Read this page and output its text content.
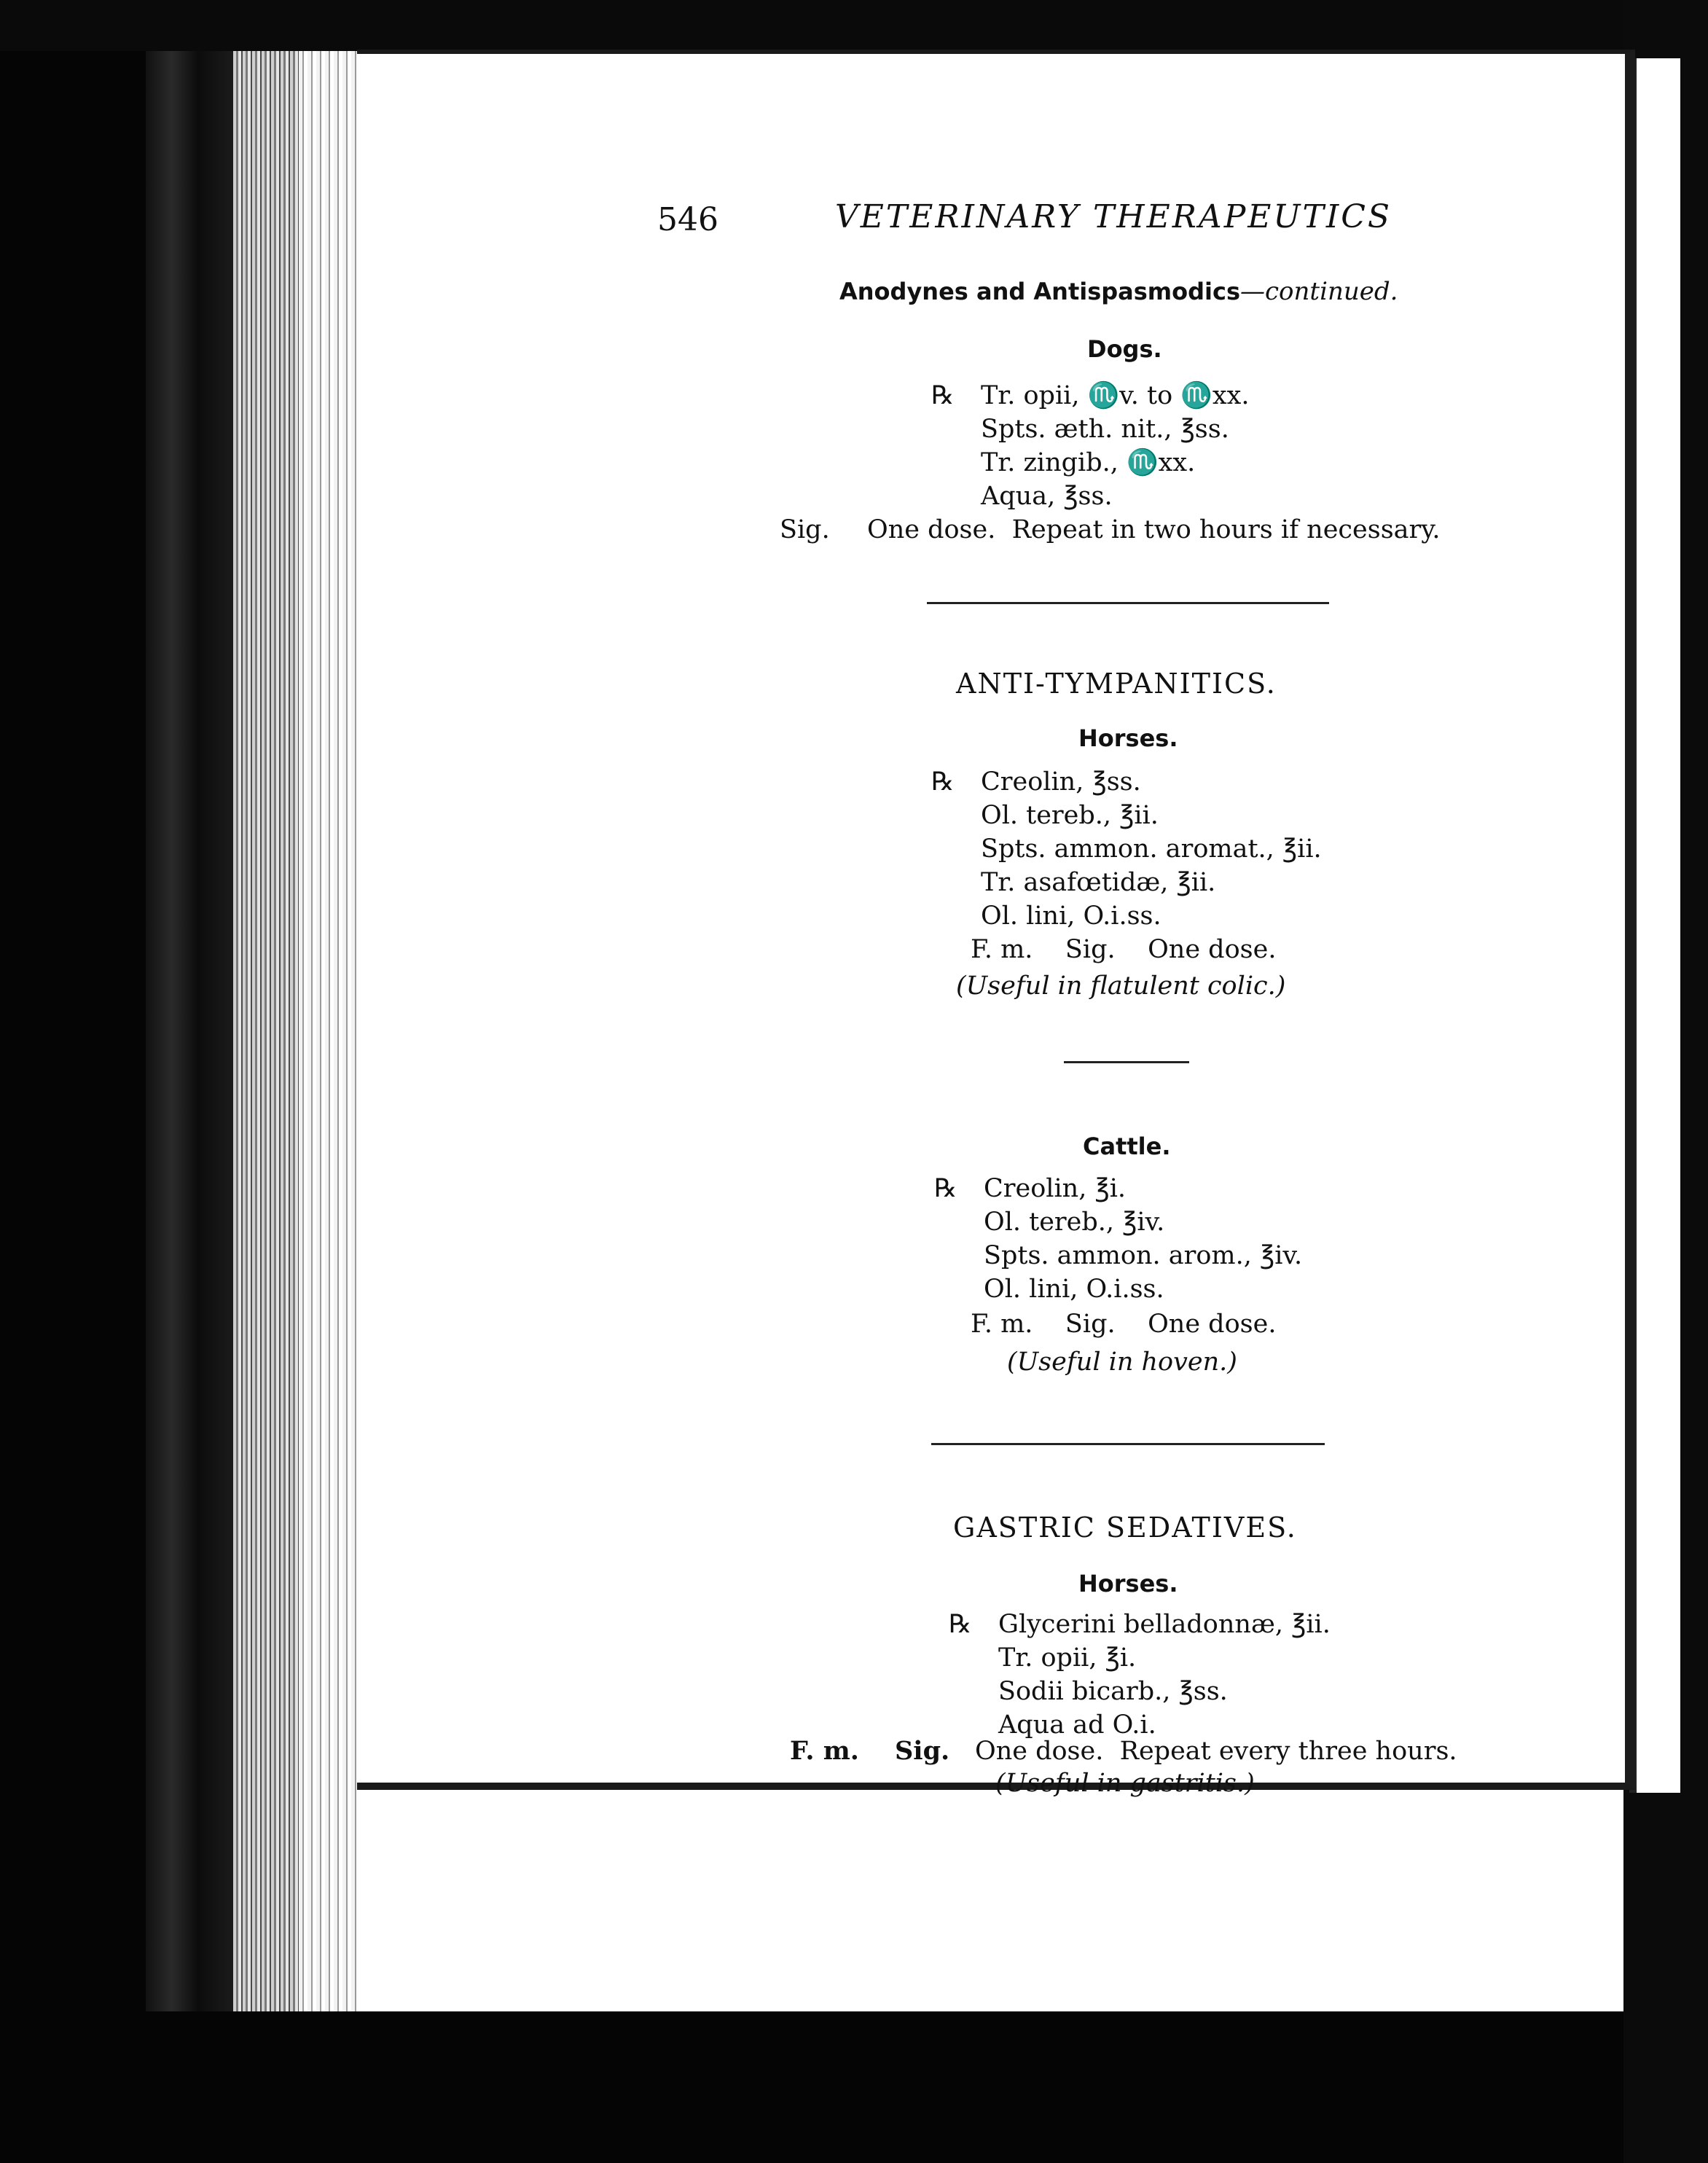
546	VETERINARY THERAPEUTICS
Anodynes and Antispasmodics—continued.
Dogs.
℞ Tr. opii, ♏v. to ♏xx.
Spts. æth. nit., ℥ss.
Tr. zingib., ♏xx.
Aqua, ℥ss.
Sig. One dose.  Repeat in two hours if necessary.
ANTI-TYMPANITICS.
Horses.
℞ Creolin, ℥ss.
Ol. tereb., ℥ii.
Spts. ammon. aromat., ℥ii.
Tr. asafœtidæ, ℥ii.
Ol. lini, O.i.ss.
F. m.    Sig.    One dose.
(Useful in flatulent colic.)
Cattle.
℞ Creolin, ℥i.
Ol. tereb., ℥iv.
Spts. ammon. arom., ℥iv.
Ol. lini, O.i.ss.
F. m.    Sig.    One dose.
(Useful in hoven.)
GASTRIC SEDATIVES.
Horses.
℞ Glycerini belladonnæ, ℥ii.
Tr. opii, ℥i.
Sodii bicarb., ℥ss.
Aqua ad O.i.
F. m. Sig. One dose.  Repeat every three hours.
(Useful in gastritis.)
